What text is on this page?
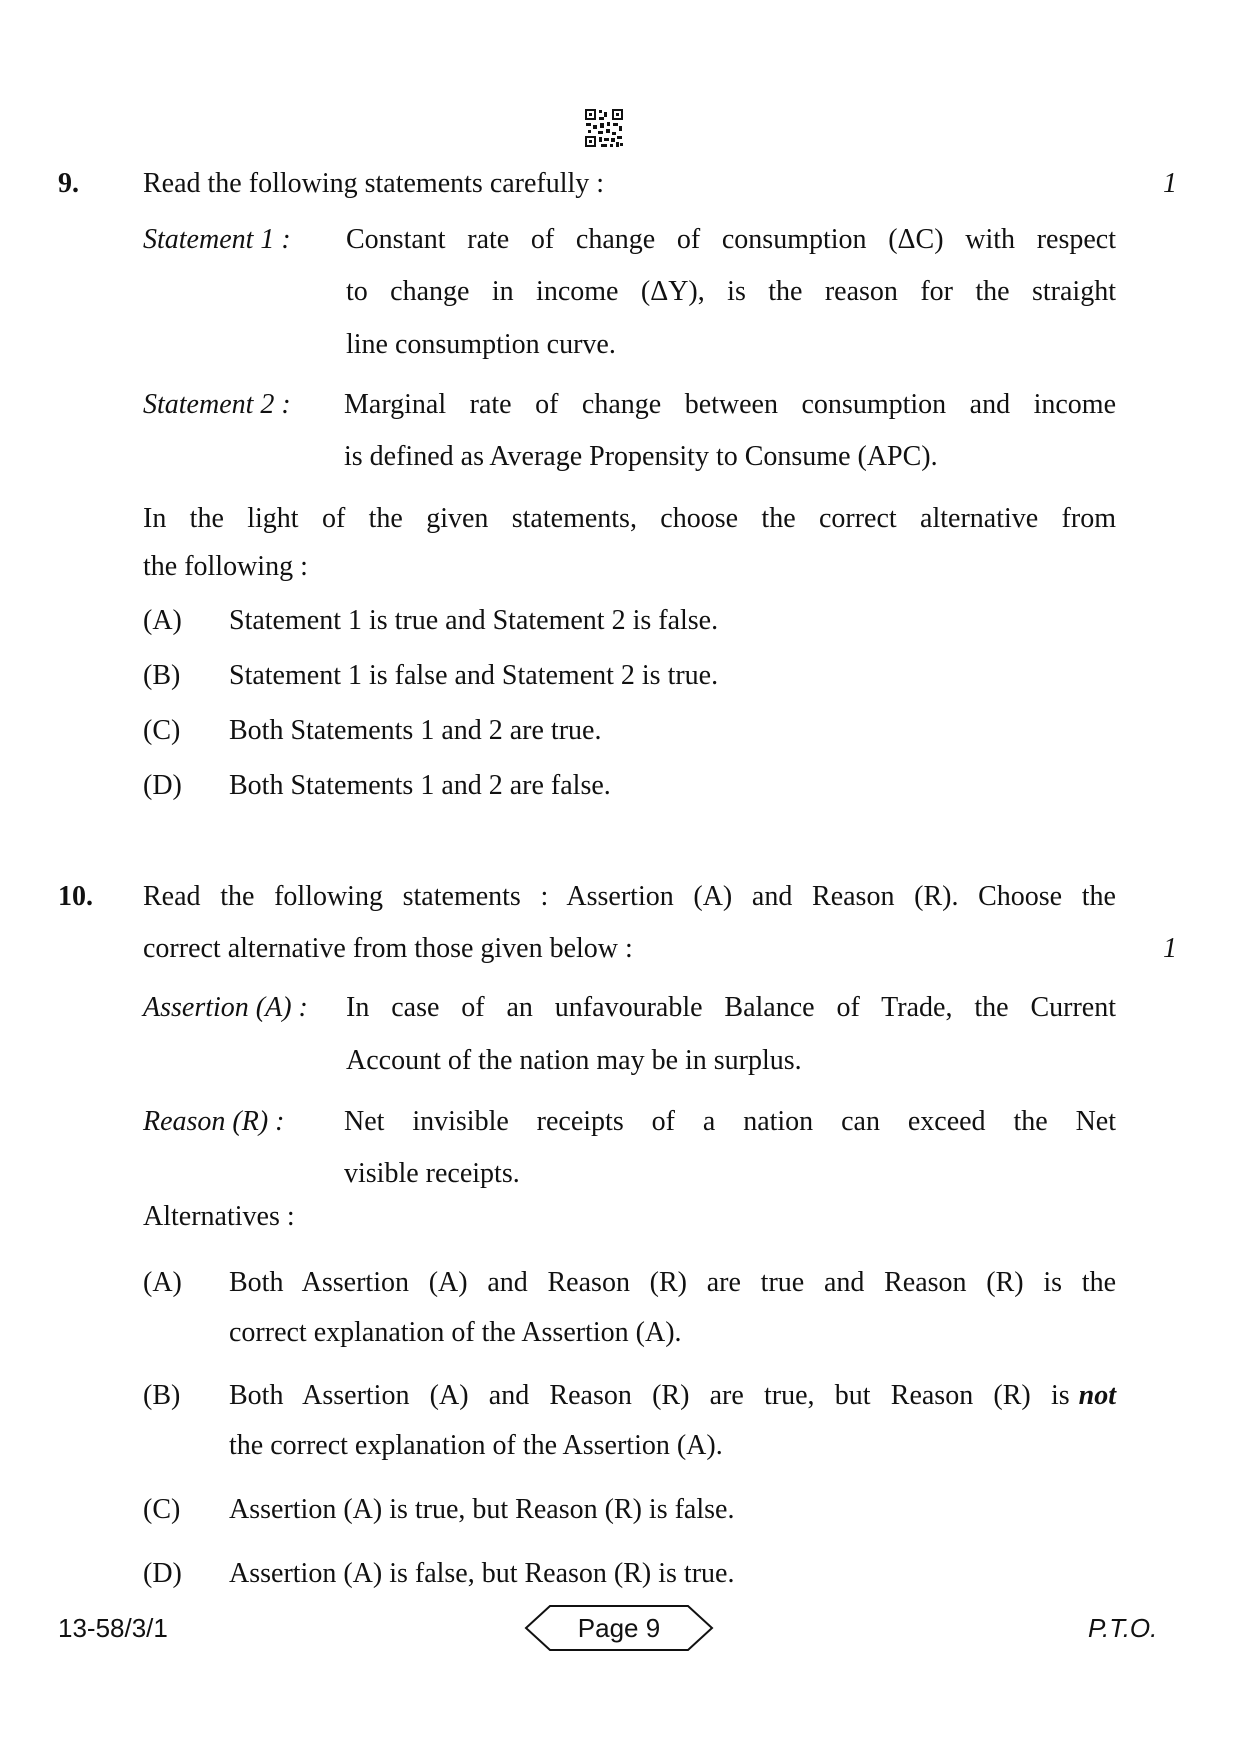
9. Read the following statements carefully :	1
Statement 1 : Constant rate of change of consumption (ΔC) with respect
to change in income (ΔY), is the reason for the straight
line consumption curve.
Statement 2 : Marginal rate of change between consumption and income
is defined as Average Propensity to Consume (APC).
In the light of the given statements, choose the correct alternative from
the following :
(A) Statement 1 is true and Statement 2 is false.
(B) Statement 1 is false and Statement 2 is true.
(C) Both Statements 1 and 2 are true.
(D) Both Statements 1 and 2 are false.
10. Read the following statements : Assertion (A) and Reason (R). Choose the
correct alternative from those given below :	1
Assertion (A) : In case of an unfavourable Balance of Trade, the Current
Account of the nation may be in surplus.
Reason (R) : Net invisible receipts of a nation can exceed the Net
visible receipts.
Alternatives :
(A) Both Assertion (A) and Reason (R) are true and Reason (R) is the
correct explanation of the Assertion (A).
(B) Both Assertion (A) and Reason (R) are true, but Reason (R) is not
the correct explanation of the Assertion (A).
(C) Assertion (A) is true, but Reason (R) is false.
(D) Assertion (A) is false, but Reason (R) is true.
13-58/3/1	Page 9	P.T.O.
